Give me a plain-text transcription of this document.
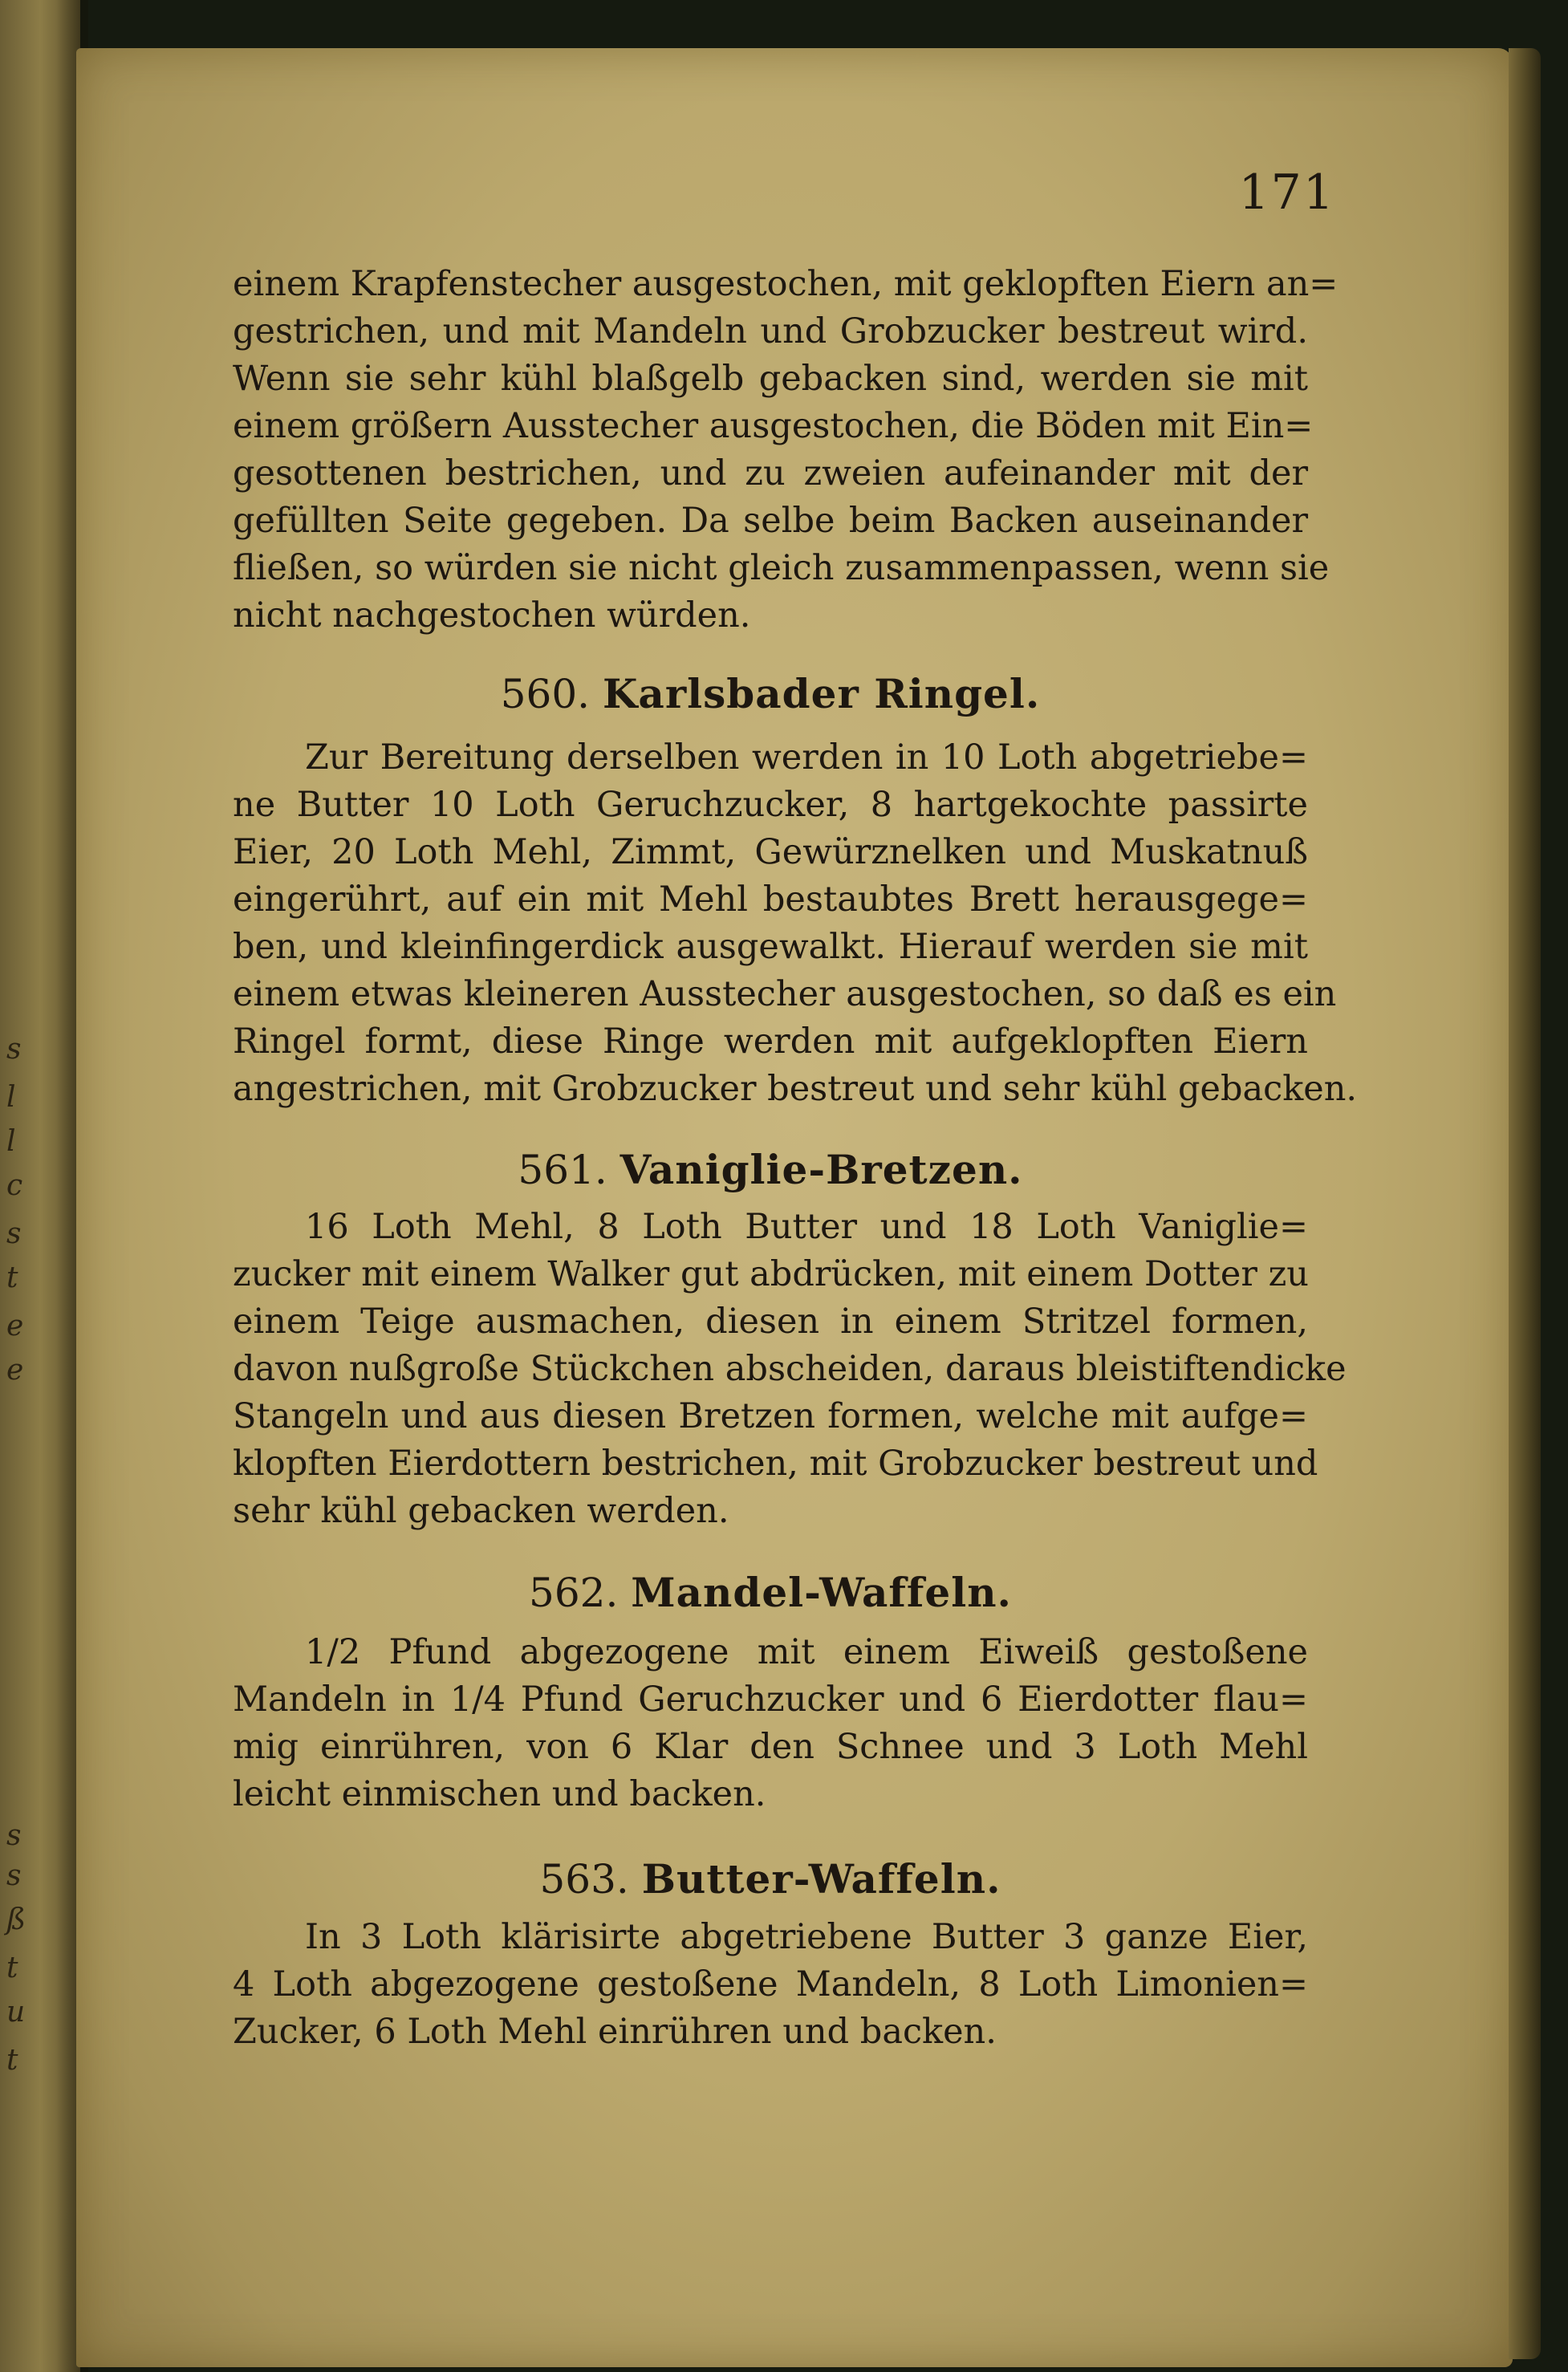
s
l
l
c
s
t
e
e
s
s
ß
t
u
t
171
einem Krapfenstecher ausgestochen, mit geklopften Eiern an=
gestrichen, und mit Mandeln und Grobzucker bestreut wird.
Wenn sie sehr kühl blaßgelb gebacken sind, werden sie mit
einem größern Ausstecher ausgestochen, die Böden mit Ein=
gesottenen bestrichen, und zu zweien aufeinander mit der
gefüllten Seite gegeben. Da selbe beim Backen auseinander
fließen, so würden sie nicht gleich zusammenpassen, wenn sie
nicht nachgestochen würden.
560. Karlsbader Ringel.
Zur Bereitung derselben werden in 10 Loth abgetriebe=
ne Butter 10 Loth Geruchzucker, 8 hartgekochte passirte
Eier, 20 Loth Mehl, Zimmt, Gewürznelken und Muskatnuß
eingerührt, auf ein mit Mehl bestaubtes Brett herausgege=
ben, und kleinfingerdick ausgewalkt. Hierauf werden sie mit
einem etwas kleineren Ausstecher ausgestochen, so daß es ein
Ringel formt, diese Ringe werden mit aufgeklopften Eiern
angestrichen, mit Grobzucker bestreut und sehr kühl gebacken.
561. Vaniglie-Bretzen.
16 Loth Mehl, 8 Loth Butter und 18 Loth Vaniglie=
zucker mit einem Walker gut abdrücken, mit einem Dotter zu
einem Teige ausmachen, diesen in einem Stritzel formen,
davon nußgroße Stückchen abscheiden, daraus bleistiftendicke
Stangeln und aus diesen Bretzen formen, welche mit aufge=
klopften Eierdottern bestrichen, mit Grobzucker bestreut und
sehr kühl gebacken werden.
562. Mandel-Waffeln.
1/2 Pfund abgezogene mit einem Eiweiß gestoßene
Mandeln in 1/4 Pfund Geruchzucker und 6 Eierdotter flau=
mig einrühren, von 6 Klar den Schnee und 3 Loth Mehl
leicht einmischen und backen.
563. Butter-Waffeln.
In 3 Loth klärisirte abgetriebene Butter 3 ganze Eier,
4 Loth abgezogene gestoßene Mandeln, 8 Loth Limonien=
Zucker, 6 Loth Mehl einrühren und backen.
